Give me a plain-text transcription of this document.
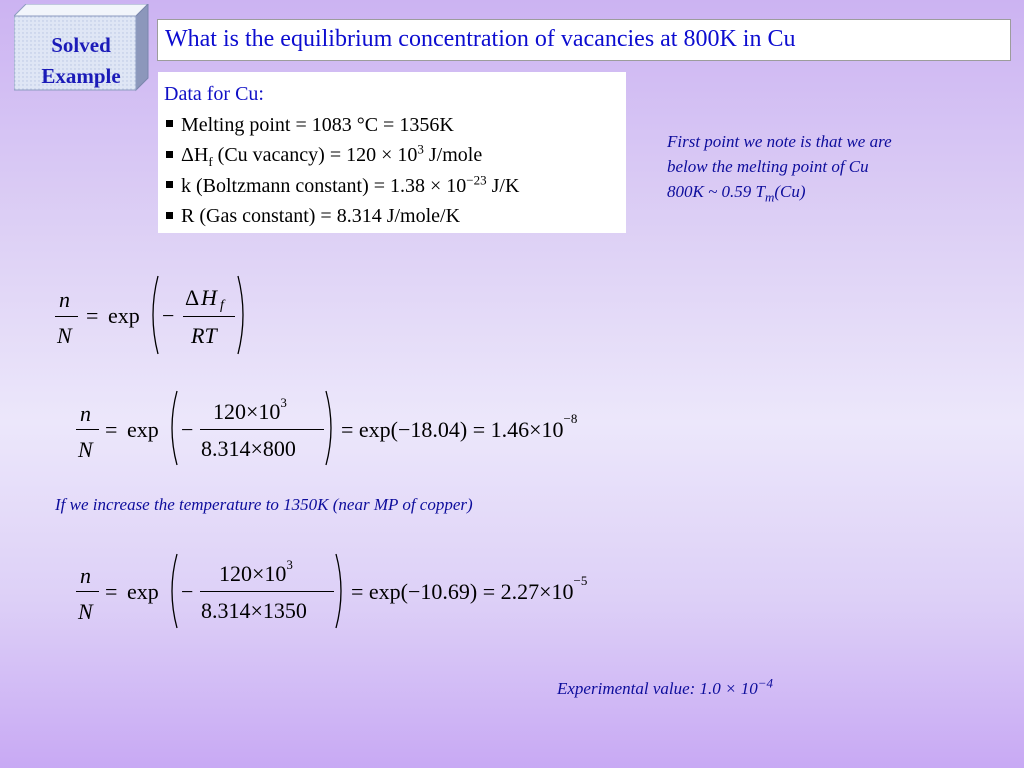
Solved
Example
What is the equilibrium concentration of vacancies at 800K in Cu
Data for Cu:
Melting point = 1083 °C = 1356K
$\Delta H_f$ (Cu vacancy) = $120 \times 10^3$ J/mole
k (Boltzmann constant) = $1.38 \times 10^{-23}$ J/K
R (Gas constant) = 8.314 J/mole/K
First point we note is that we are
below the melting point of Cu
800K ~ 0.59 $T_m(Cu)$
n
N
= exp −
Δ H f
RT
n
N
= exp −
$120\times 10^3$
8.314×800
= $\exp(-18.04) = 1.46\times 10^{-8}$
If we increase the temperature to 1350K (near MP of copper)
n
N
= exp −
$120\times 10^3$
8.314×1350
= $\exp(-10.69) = 2.27\times 10^{-5}$
Experimental value: $1.0 \times 10^{-4}$
